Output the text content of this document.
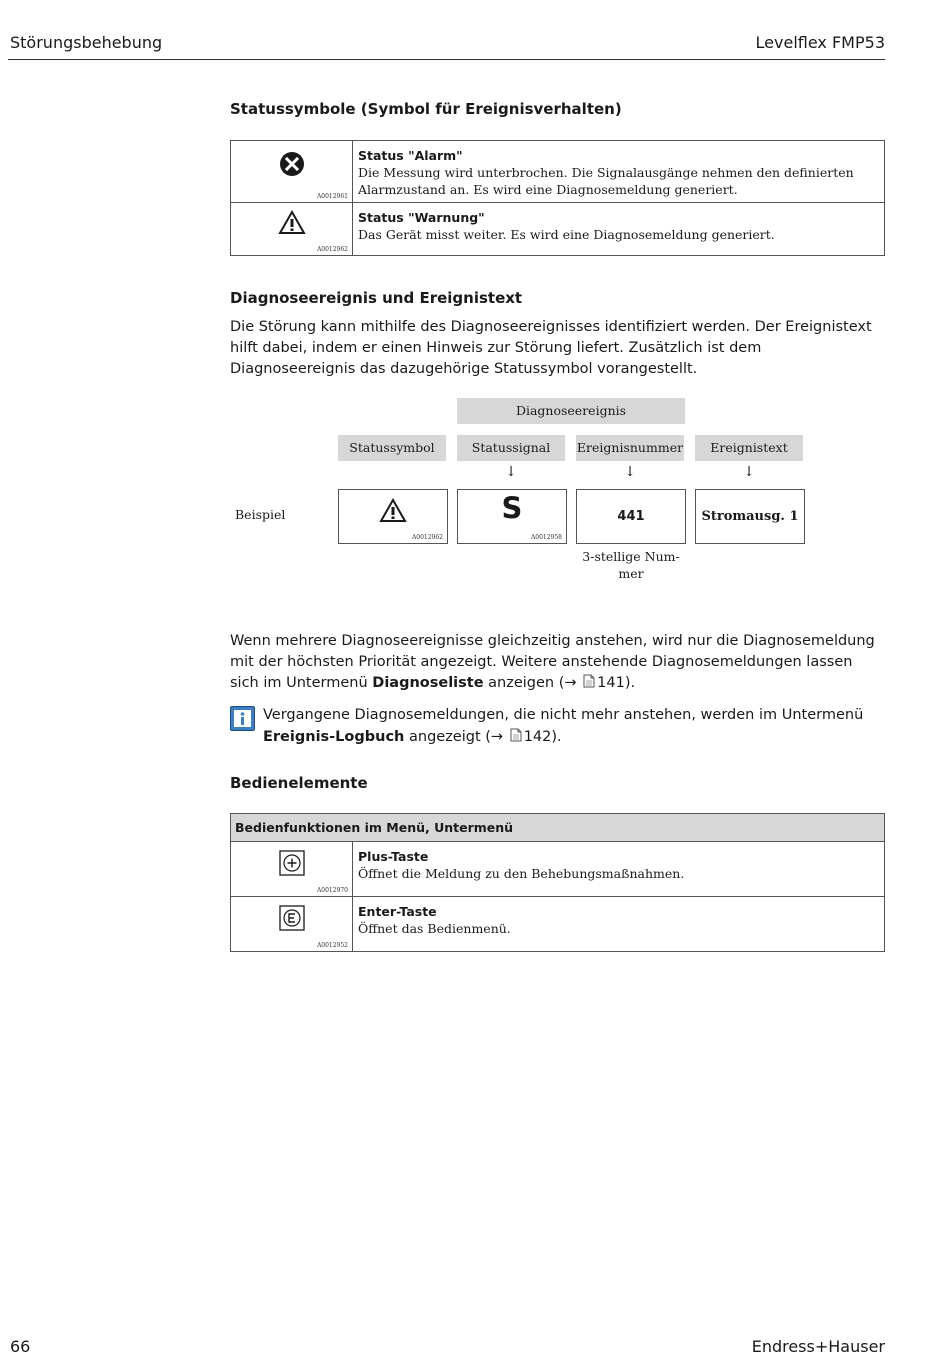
Störungsbehebung	Levelflex FMP53
Statussymbole (Symbol für Ereignisverhalten)
A0012961	Status "Alarm"
Die Messung wird unterbrochen. Die Signalausgänge nehmen den definierten Alarmzustand an. Es wird eine Diagnosemeldung generiert.

A0012962	Status "Warnung"
Das Gerät misst weiter. Es wird eine Diagnosemeldung generiert.
Diagnoseereignis und Ereignistext

Die Störung kann mithilfe des Diagnoseereignisses identifiziert werden. Der Ereignistext hilft dabei, indem er einen Hinweis zur Störung liefert. Zusätzlich ist dem Diagnoseereignis das dazugehörige Statussymbol vorangestellt.

Diagnoseereignis
Statussymbol	Statussignal	Ereignisnummer	Ereignistext
↓	↓	↓
Beispiel
A0012962
S
A0012958
441	Stromausg. 1
3-stellige Num-
mer

Wenn mehrere Diagnoseereignisse gleichzeitig anstehen, wird nur die Diagnosemeldung mit der höchsten Priorität angezeigt. Weitere anstehende Diagnosemeldungen lassen sich im Untermenü Diagnoseliste anzeigen (→ 141).

Vergangene Diagnosemeldungen, die nicht mehr anstehen, werden im Untermenü Ereignis-Logbuch angezeigt (→ 142).

Bedienelemente
Bedienfunktionen im Menü, Untermenü	

A0012970	Plus-Taste
Öffnet die Meldung zu den Behebungsmaßnahmen.

A0012952	Enter-Taste
Öffnet das Bedienmenü.
66	Endress+Hauser
